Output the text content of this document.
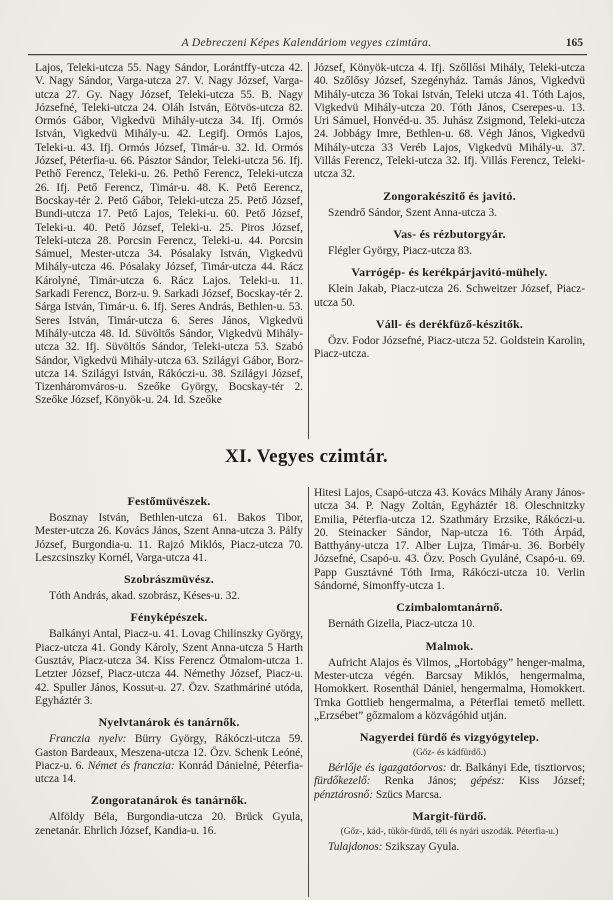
A Debreczeni Képes Kalendáriom vegyes czimtára.	165

Lajos, Teleki-utcza 55. Nagy Sándor, Lorántffy-utcza 42. V. Nagy Sándor, Varga-utcza 27. V. Nagy József, Varga-utcza 27. Gy. Nagy József, Teleki-utcza 55. B. Nagy Józsefné, Teleki-utcza 24. Oláh István, Eötvös-utcza 82. Ormós Gábor, Vigkedvü Mihály-utcza 34. Ifj. Ormós István, Vigkedvü Mihály-u. 42. Legifj. Ormós Lajos, Teleki-u. 43. Ifj. Ormós József, Timár-u. 32. Id. Ormós József, Péterfia-u. 66. Pásztor Sándor, Teleki-utcza 56. Ifj. Pethő Ferencz, Teleki-u. 26. Pethő Ferencz, Teleki-utcza 26. Ifj. Pető Ferencz, Timár-u. 48. K. Pető Eerencz, Bocskay-tér 2. Pető Gábor, Teleki-utcza 25. Pető József, Bundi-utcza 17. Pető Lajos, Teleki-u. 60. Pető József, Teleki-u. 40. Pető József, Teleki-u. 25. Piros József, Teleki-utcza 28. Porcsin Ferencz, Teleki-u. 44. Porcsin Sámuel, Mester-utcza 34. Pósalaky István, Vigkedvü Mihály-utcza 46. Pósalaky József, Timár-utcza 44. Rácz Károlyné, Timár-utcza 6. Rácz Lajos. Teleki-u. 11. Sarkadi Ferencz, Borz-u. 9. Sarkadi József, Bocskay-tér 2. Sárga István, Timár-u. 6. Ifj. Seres András, Bethlen-u. 53. Seres István, Timár-utcza 6. Seres János, Vigkedvü Mihály-utcza 48. Id. Süvöltős Sándor, Vigkedvü Mihály-utcza 32. Ifj. Süvöltős Sándor, Teleki-utcza 53. Szabó Sándor, Vigkedvü Mihály-utcza 63. Szilágyi Gábor, Borz-utcza 14. Szilágyi István, Rákóczi-u. 38. Szilágyi József, Tizenháromváros-u. Szeőke György, Bocskay-tér 2. Szeőke József, Könyök-u. 24. Id. Szeőke

József, Könyök-utcza 4. Ifj. Szőllősi Mihály, Teleki-utcza 40. Szőlősy József, Szegényház. Tamás János, Vigkedvü Mihály-utcza 36 Tokai István, Teleki utcza 41. Tóth Lajos, Vigkedvü Mihály-utcza 20. Tóth János, Cserepes-u. 13. Uri Sámuel, Honvéd-u. 35. Juhász Zsigmond, Teleki-utcza 24. Jobbágy Imre, Bethlen-u. 68. Végh János, Vigkedvü Mihály-utcza 33 Veréb Lajos, Vigkedvü Mihály-u. 37. Villás Ferencz, Teleki-utcza 32. Ifj. Villás Ferencz, Teleki-utcza 32.

Zongorakészitő és javitó.

Szendrő Sándor, Szent Anna-utcza 3.

Vas- és rézbutorgyár.

Flégler György, Piacz-utcza 83.

Varrógép- és kerékpárjavitó-mühely.

Klein Jakab, Piacz-utcza 26. Schweitzer József, Piacz-utcza 50.

Váll- és derékfüző-készitők.

Özv. Fodor Józsefné, Piacz-utcza 52. Goldstein Karolin, Piacz-utcza.

XI. Vegyes czimtár.
Festőmüvészek.

Bosznay István, Bethlen-utcza 61. Bakos Tibor, Mester-utcza 26. Kovács János, Szent Anna-utcza 3. Pálfy József, Burgondia-u. 11. Rajzó Miklós, Piacz-utcza 70. Leszcsinszky Kornél, Varga-utcza 41.

Szobrászmüvész.

Tóth András, akad. szobrász, Késes-u. 32.

Fényképészek.

Balkányi Antal, Piacz-u. 41. Lovag Chilinszky György, Piacz-utcza 41. Gondy Károly, Szent Anna-utcza 5 Harth Gusztáv, Piacz-utcza 34. Kiss Ferencz Ötmalom-utcza 1. Letzter József, Piacz-utcza 44. Némethy József, Piacz-u. 42. Spuller János, Kossut-u. 27. Özv. Szathmáriné utóda, Egyháztér 3.

Nyelvtanárok és tanárnők.

Franczia nyelv: Bürry György, Rákóczi-utcza 59. Gaston Bardeaux, Meszena-utcza 12. Özv. Schenk Leóné, Piacz-u. 6. Német és franczia: Konrád Dánielné, Péterfia-utcza 14.

Zongoratanárok és tanárnők.

Alföldy Béla, Burgondia-utcza 20. Brück Gyula, zenetanár. Ehrlich József, Kandia-u. 16.

Hitesi Lajos, Csapó-utcza 43. Kovács Mihály Arany János-utcza 34. P. Nagy Zoltán, Egyháztér 18. Oleschnitzky Emilia, Péterfia-utcza 12. Szathmáry Erzsike, Rákóczi-u. 20. Steinacker Sándor, Nap-utcza 16. Tóth Árpád, Batthyány-utcza 17. Alber Lujza, Timár-u. 36. Borbély Józsefné, Csapó-u. 43. Özv. Posch Gyuláné, Csapó-u. 69. Papp Gusztávné Tóth Irma, Rákóczi-utcza 10. Verlin Sándorné, Simonffy-utcza 1.

Czimbalomtanárnő.

Bernáth Gizella, Piacz-utcza 10.

Malmok.

Aufricht Alajos és Vilmos, „Hortobágy” henger-malma, Mester-utcza végén. Barcsay Miklós, hengermalma, Homokkert. Rosenthál Dániel, hengermalma, Homokkert. Trnka Gottlieb hengermalma, a Péterflai temető mellett. „Erzsébet” gőzmalom a közvágóhid utján.

Nagyerdei fürdő és vizgyógytelep.
(Gőz- és kádfürdő.)

Bérlője és igazgatóorvos: dr. Balkányi Ede, tisztiorvos; fürdőkezelő: Renka János; gépész: Kiss József; pénztárosnő: Szücs Marcsa.

Margit-fürdő.
(Gőz-, kád-, tükör-fürdő, téli és nyári uszodák. Péterfia-u.)

Tulajdonos: Szikszay Gyula.
